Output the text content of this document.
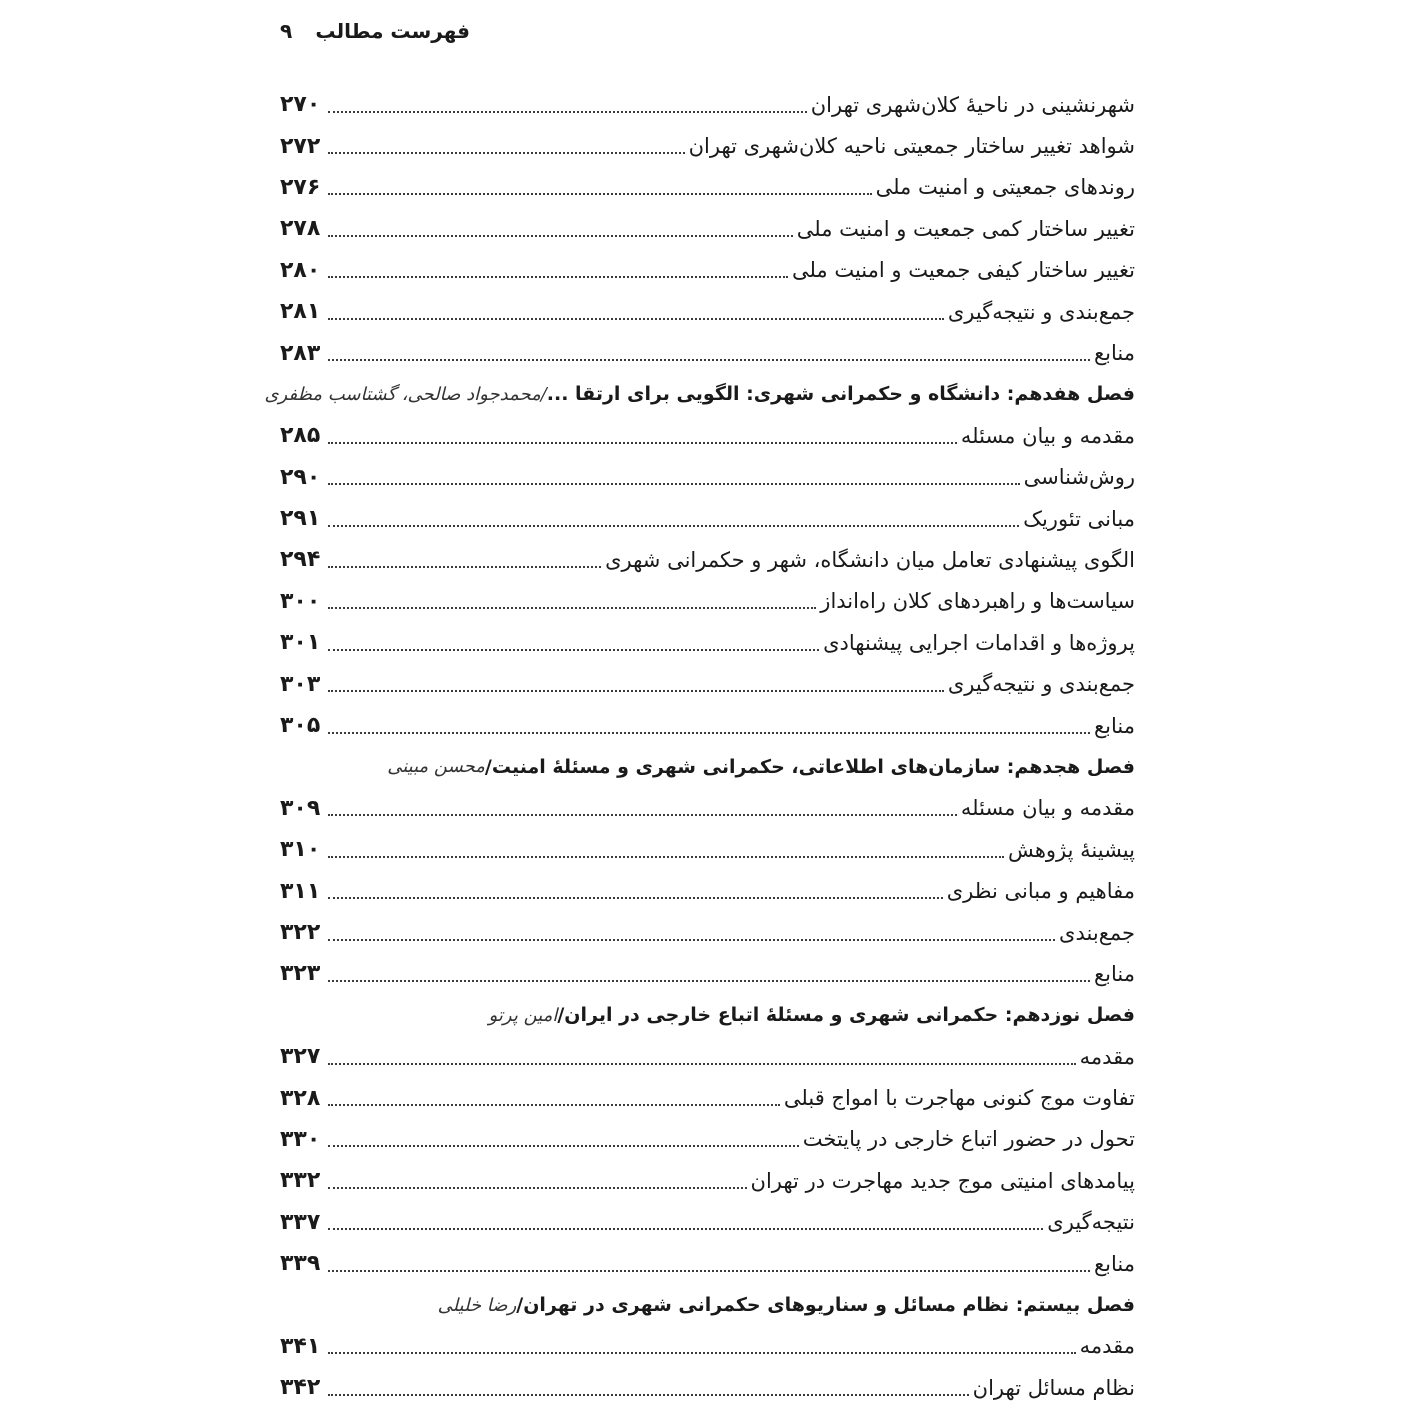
فهرست مطالب
۹
شهرنشینی در ناحیهٔ کلان‌شهری تهران
۲۷۰
شواهد تغییر ساختار جمعیتی ناحیه کلان‌شهری تهران
۲۷۲
روندهای جمعیتی و امنیت ملی
۲۷۶
تغییر ساختار کمی جمعیت و امنیت ملی
۲۷۸
تغییر ساختار کیفی جمعیت و امنیت ملی
۲۸۰
جمع‌بندی و نتیجه‌گیری
۲۸۱
منابع
۲۸۳
فصل هفدهم: دانشگاه و حکمرانی شهری: الگویی برای ارتقا ...
/محمدجواد صالحی، گشتاسب مظفری
مقدمه و بیان مسئله
۲۸۵
روش‌شناسی
۲۹۰
مبانی تئوریک
۲۹۱
الگوی پیشنهادی تعامل میان دانشگاه، شهر و حکمرانی شهری
۲۹۴
سیاست‌ها و راهبردهای کلان راه‌انداز
۳۰۰
پروژه‌ها و اقدامات اجرایی پیشنهادی
۳۰۱
جمع‌بندی و نتیجه‌گیری
۳۰۳
منابع
۳۰۵
فصل هجدهم: سازمان‌های اطلاعاتی، حکمرانی شهری و مسئلهٔ امنیت/
محسن مبینی
مقدمه و بیان مسئله
۳۰۹
پیشینهٔ پژوهش
۳۱۰
مفاهیم و مبانی نظری
۳۱۱
جمع‌بندی
۳۲۲
منابع
۳۲۳
فصل نوزدهم: حکمرانی شهری و مسئلهٔ اتباع خارجی در ایران/
امین پرتو
مقدمه
۳۲۷
تفاوت موج کنونی مهاجرت با امواج قبلی
۳۲۸
تحول در حضور اتباع خارجی در پایتخت
۳۳۰
پیامدهای امنیتی موج جدید مهاجرت در تهران
۳۳۲
نتیجه‌گیری
۳۳۷
منابع
۳۳۹
فصل بیستم: نظام مسائل و سناریوهای حکمرانی شهری در تهران/
رضا خلیلی
مقدمه
۳۴۱
نظام مسائل تهران
۳۴۲
